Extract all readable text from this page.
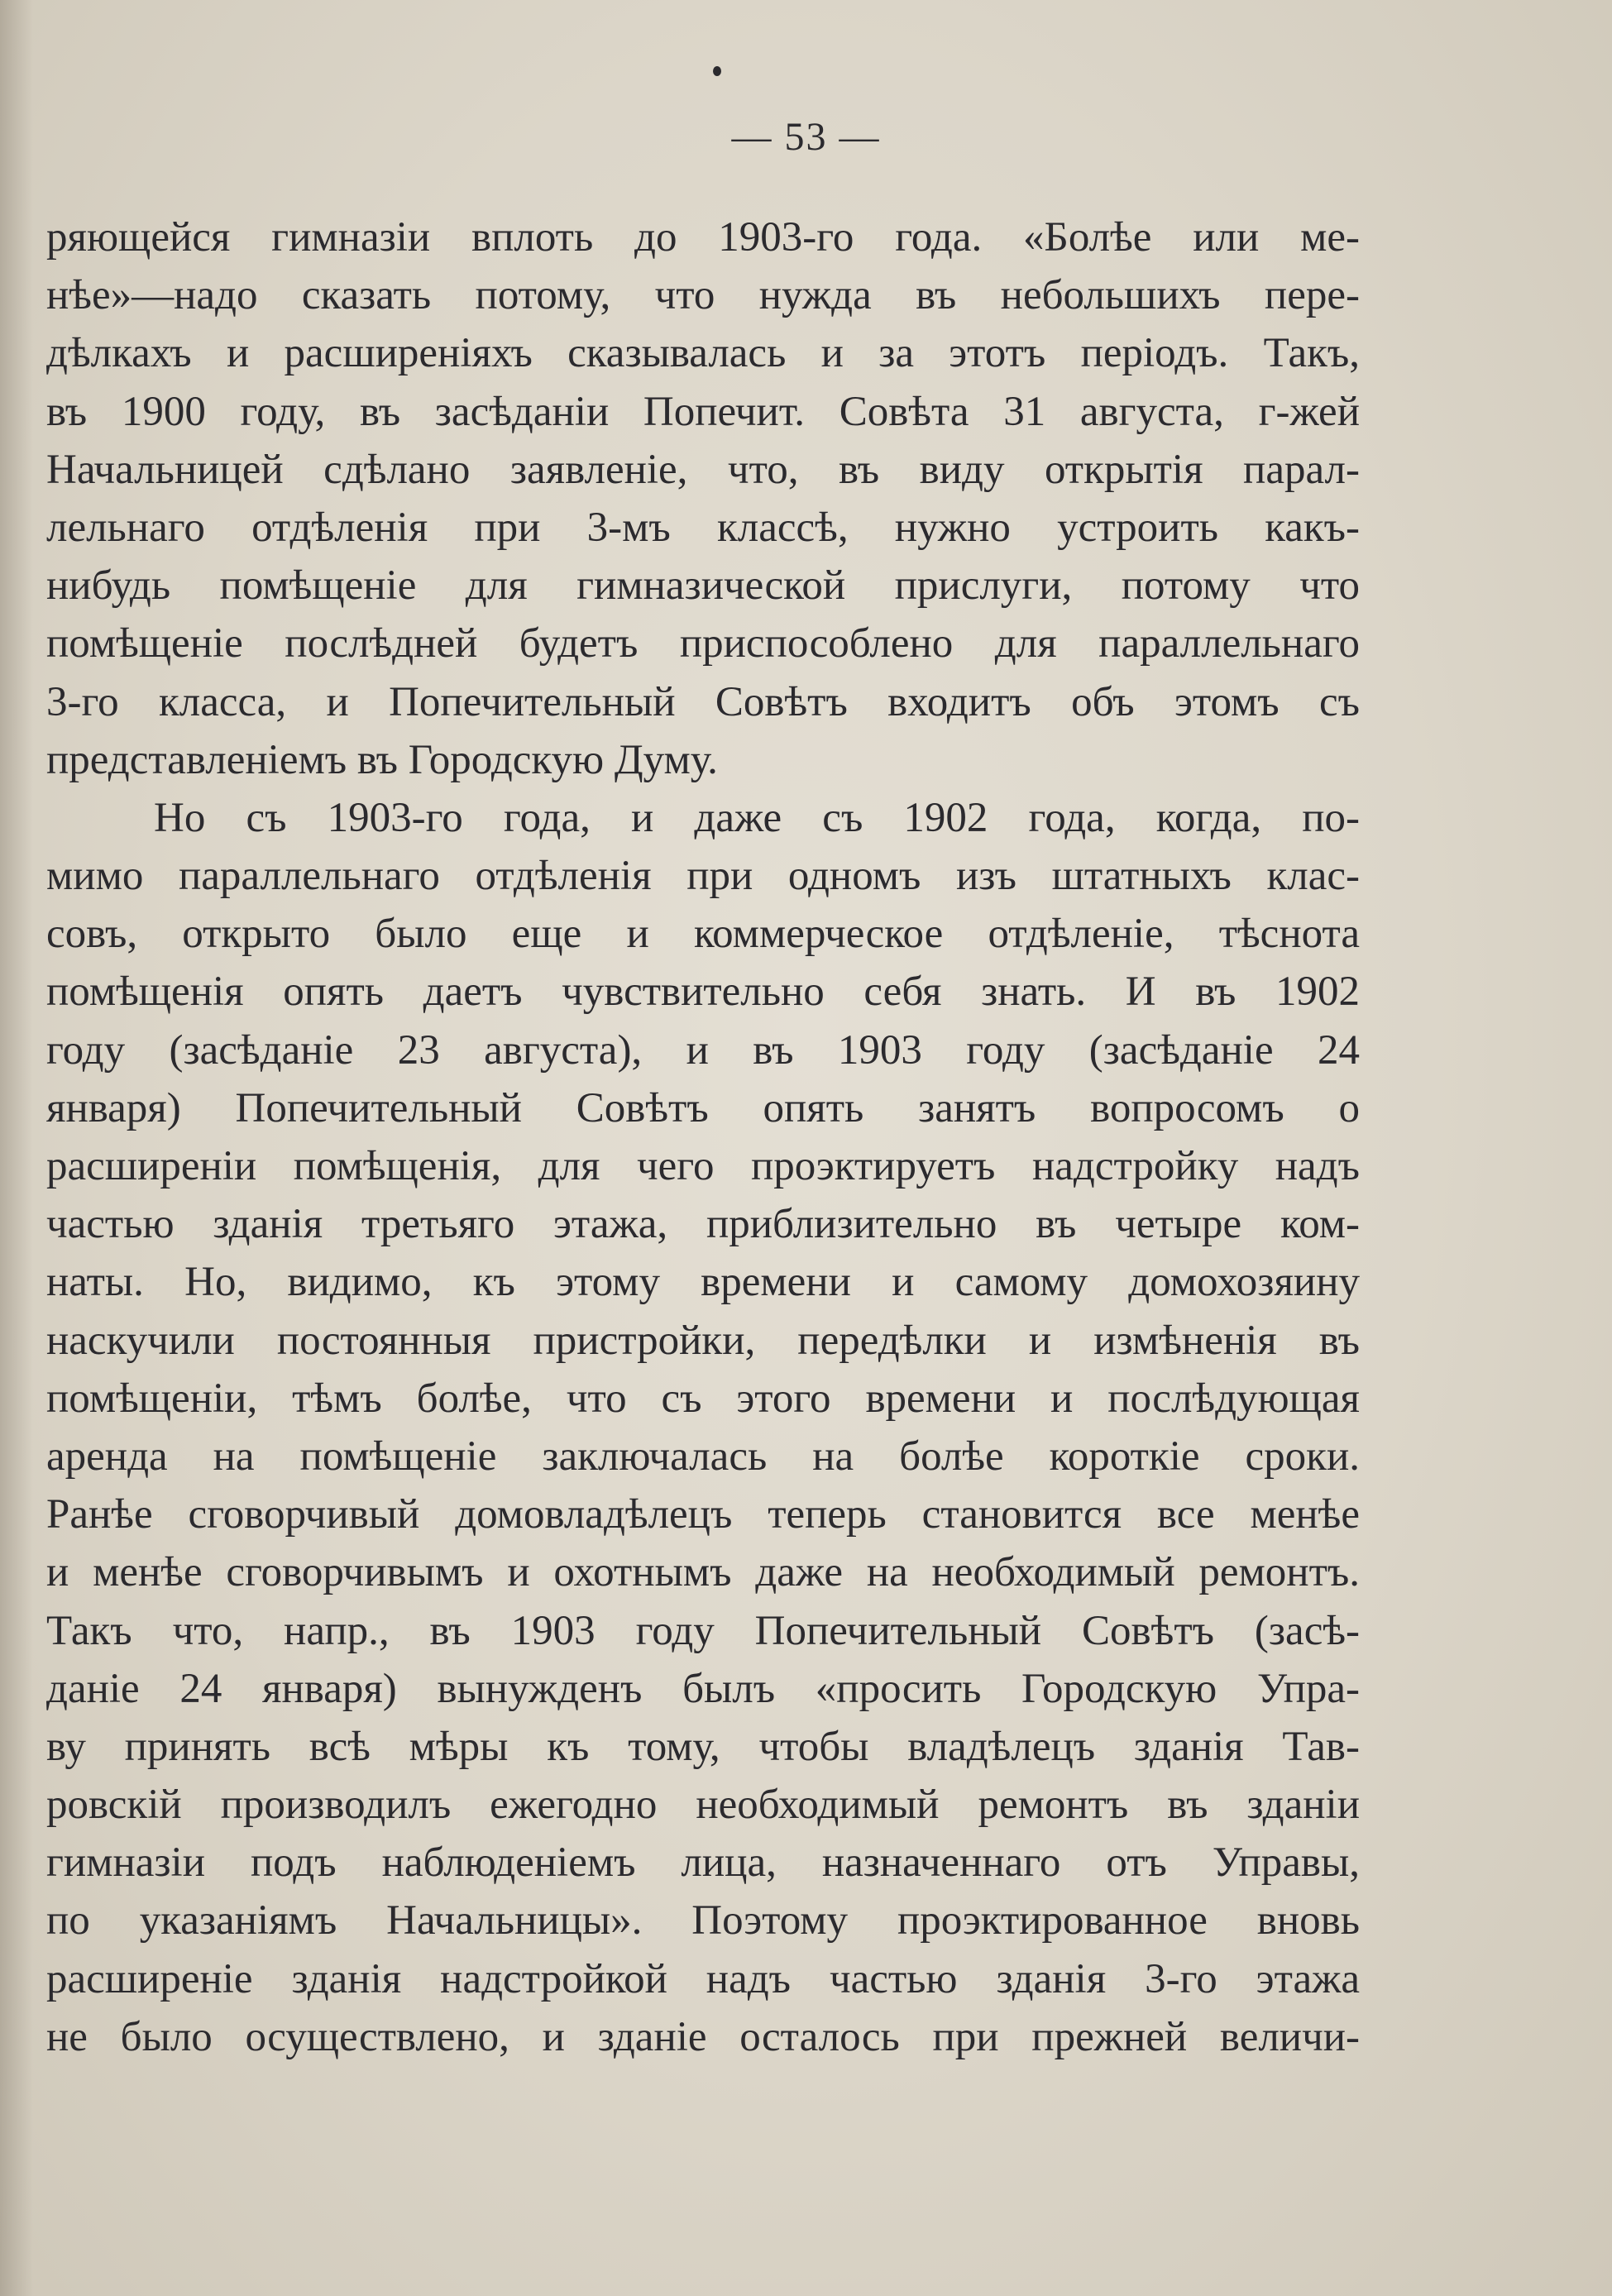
— 53 —
ряющейся гимназіи вплоть до 1903-го года. «Болѣе или ме-
нѣе»—надо сказать потому, что нужда въ небольшихъ пере-
дѣлкахъ и расширеніяхъ сказывалась и за этотъ періодъ. Такъ,
въ 1900 году, въ засѣданіи Попечит. Совѣта 31 августа, г-жей
Начальницей сдѣлано заявленіе, что, въ виду открытія парал-
лельнаго отдѣленія при 3-мъ классѣ, нужно устроить какъ-
нибудь помѣщеніе для гимназической прислуги, потому что
помѣщеніе послѣдней будетъ приспособлено для параллельнаго
3-го класса, и Попечительный Совѣтъ входитъ объ этомъ съ
представленіемъ въ Городскую Думу.
Но съ 1903-го года, и даже съ 1902 года, когда, по-
мимо параллельнаго отдѣленія при одномъ изъ штатныхъ клас-
совъ, открыто было еще и коммерческое отдѣленіе, тѣснота
помѣщенія опять даетъ чувствительно себя знать. И въ 1902
году (засѣданіе 23 августа), и въ 1903 году (засѣданіе 24
января) Попечительный Совѣтъ опять занятъ вопросомъ о
расширеніи помѣщенія, для чего проэктируетъ надстройку надъ
частью зданія третьяго этажа, приблизительно въ четыре ком-
наты. Но, видимо, къ этому времени и самому домохозяину
наскучили постоянныя пристройки, передѣлки и измѣненія въ
помѣщеніи, тѣмъ болѣе, что съ этого времени и послѣдующая
аренда на помѣщеніе заключалась на болѣе короткіе сроки.
Ранѣе сговорчивый домовладѣлецъ теперь становится все менѣе
и менѣе сговорчивымъ и охотнымъ даже на необходимый ремонтъ.
Такъ что, напр., въ 1903 году Попечительный Совѣтъ (засѣ-
даніе 24 января) вынужденъ былъ «просить Городскую Упра-
ву принять всѣ мѣры къ тому, чтобы владѣлецъ зданія Тав-
ровскій производилъ ежегодно необходимый ремонтъ въ зданіи
гимназіи подъ наблюденіемъ лица, назначеннаго отъ Управы,
по указаніямъ Начальницы». Поэтому проэктированное вновь
расширеніе зданія надстройкой надъ частью зданія 3-го этажа
не было осуществлено, и зданіе осталось при прежней величи-
